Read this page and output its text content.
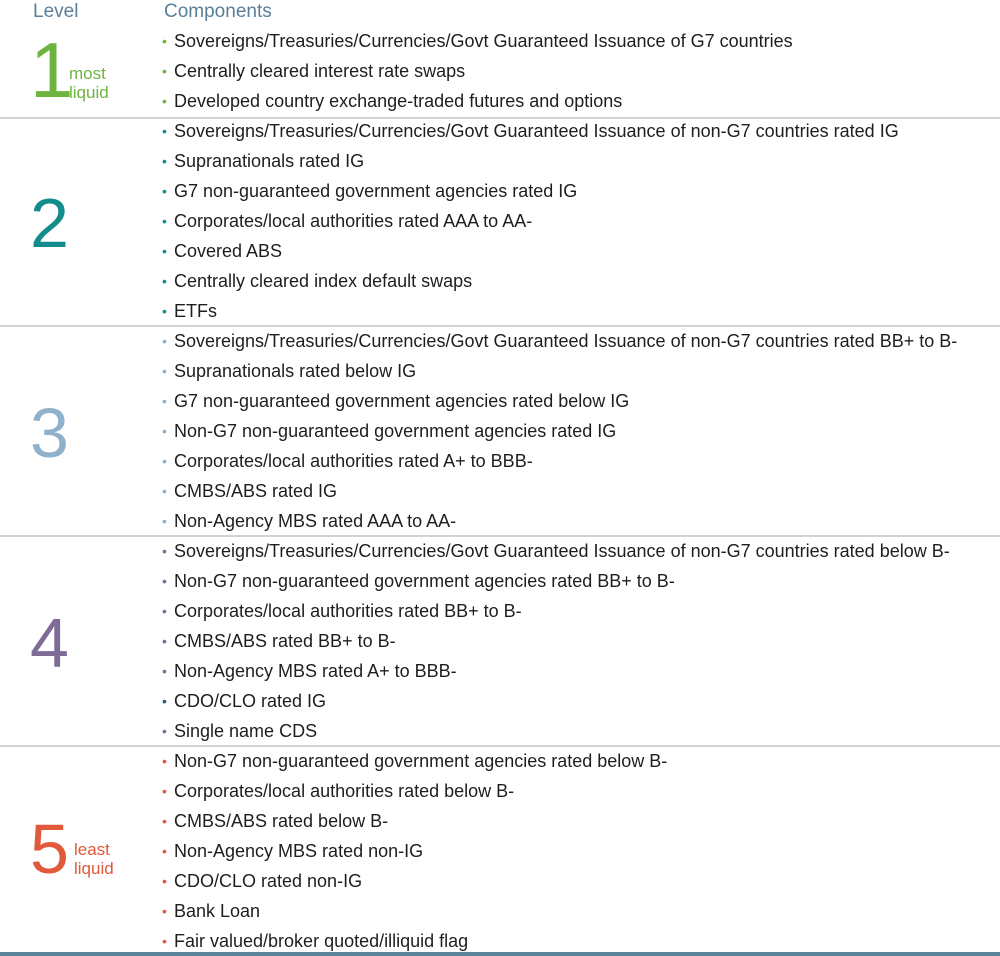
Level	Components
1
most
liquid
• Sovereigns/Treasuries/Currencies/Govt Guaranteed Issuance of G7 countries
• Centrally cleared interest rate swaps
• Developed country exchange-traded futures and options
2
• Sovereigns/Treasuries/Currencies/Govt Guaranteed Issuance of non-G7 countries rated IG
• Supranationals rated IG
• G7 non-guaranteed government agencies rated IG
• Corporates/local authorities rated AAA to AA-
• Covered ABS
• Centrally cleared index default swaps
• ETFs
3
• Sovereigns/Treasuries/Currencies/Govt Guaranteed Issuance of non-G7 countries rated BB+ to B-
• Supranationals rated below IG
• G7 non-guaranteed government agencies rated below IG
• Non-G7 non-guaranteed government agencies rated IG
• Corporates/local authorities rated A+ to BBB-
• CMBS/ABS rated IG
• Non-Agency MBS rated AAA to AA-
4
• Sovereigns/Treasuries/Currencies/Govt Guaranteed Issuance of non-G7 countries rated below B-
• Non-G7 non-guaranteed government agencies rated BB+ to B-
• Corporates/local authorities rated BB+ to B-
• CMBS/ABS rated BB+ to B-
• Non-Agency MBS rated A+ to BBB-
• CDO/CLO rated IG
• Single name CDS
5 least
liquid
• Non-G7 non-guaranteed government agencies rated below B-
• Corporates/local authorities rated below B-
• CMBS/ABS rated below B-
• Non-Agency MBS rated non-IG
• CDO/CLO rated non-IG
• Bank Loan
• Fair valued/broker quoted/illiquid flag
